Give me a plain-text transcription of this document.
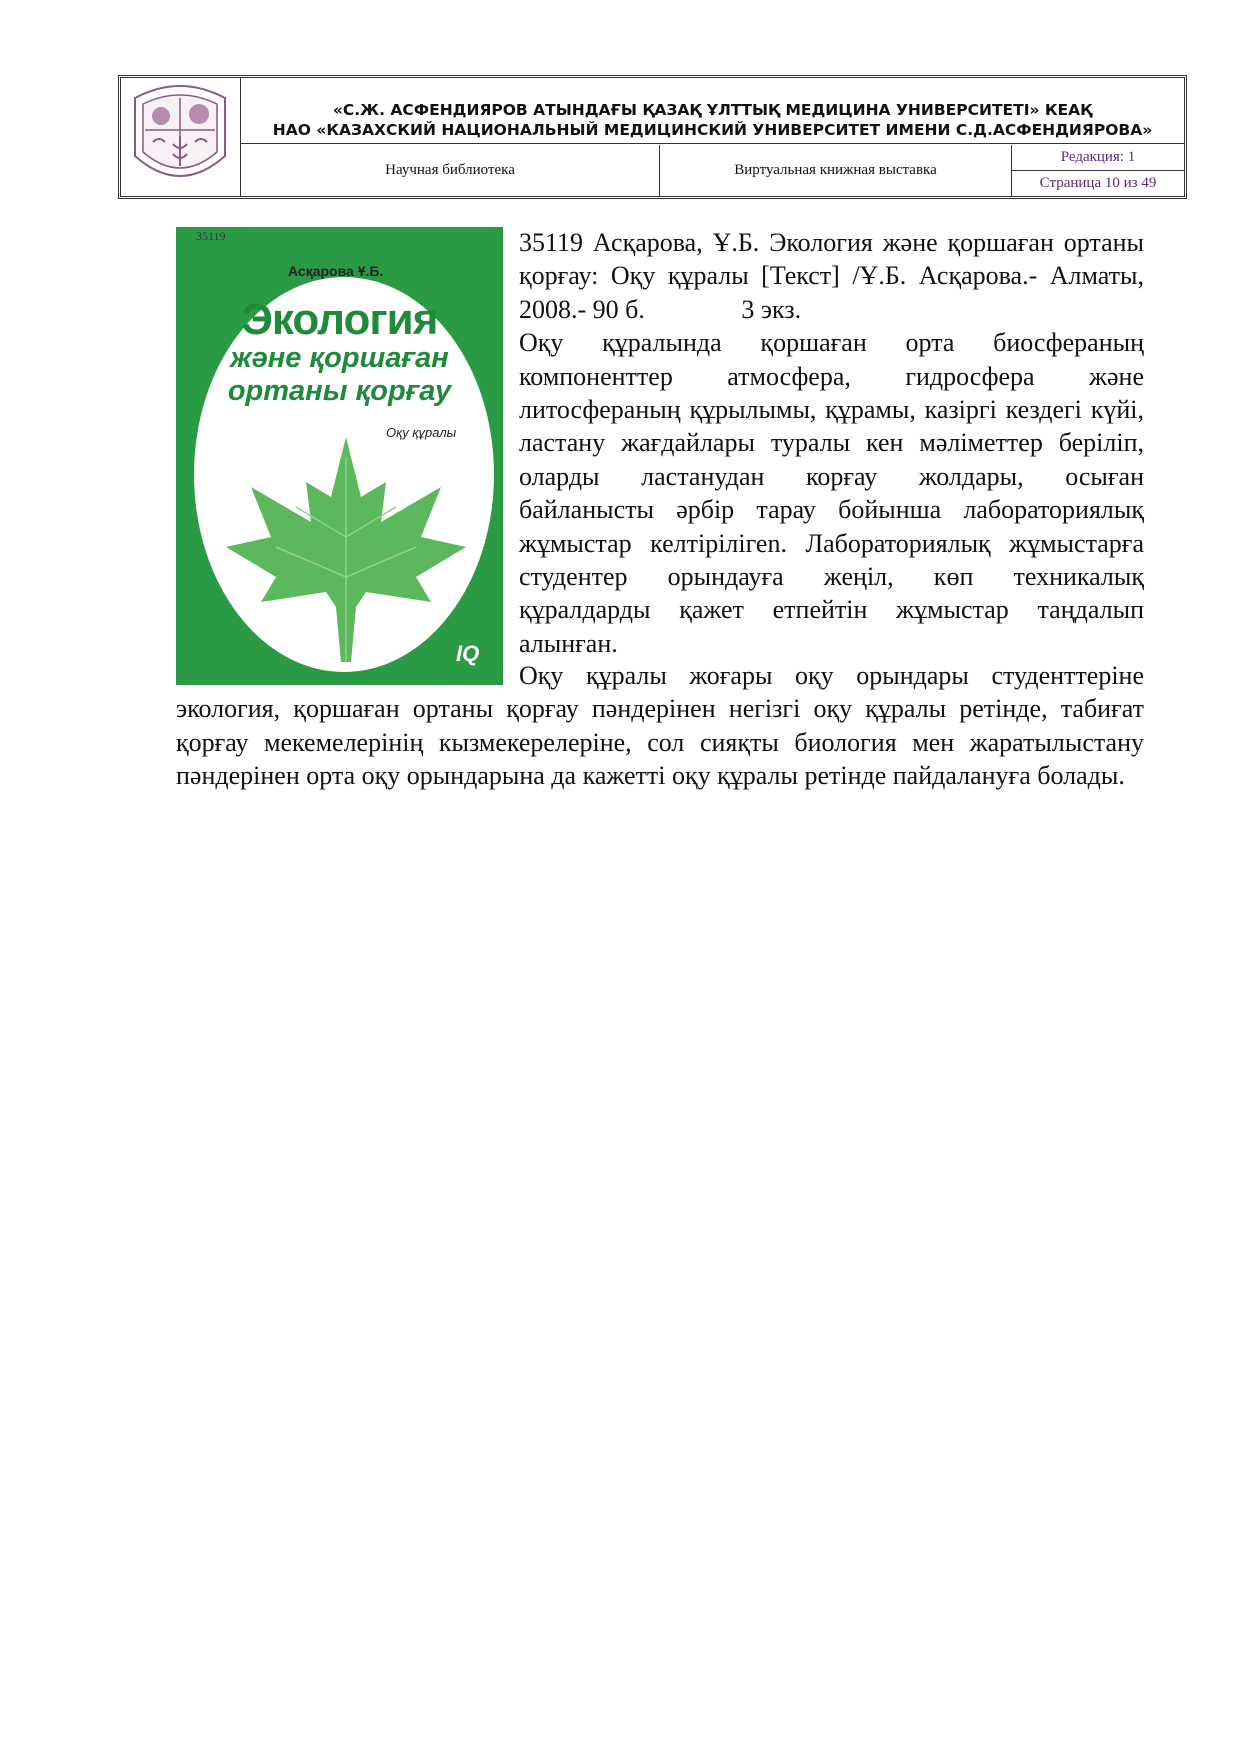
«С.Ж. АСФЕНДИЯРОВ АТЫНДАҒЫ ҚАЗАҚ ҰЛТТЫҚ МЕДИЦИНА УНИВЕРСИТЕТІ» КЕАҚ
НАО «КАЗАХСКИЙ НАЦИОНАЛЬНЫЙ МЕДИЦИНСКИЙ УНИВЕРСИТЕТ ИМЕНИ С.Д.АСФЕНДИЯРОВА»
Научная библиотека	Виртуальная книжная выставка
Редакция: 1
Страница 10 из 49
35119
Асқарова Ұ.Б.
Экология
және қоршаған
ортаны қорғау
Оқу құралы
IQ
35119 Асқарова, Ұ.Б. Экология және қоршаған ортаны қорғау: Оқу құралы [Текст] /Ұ.Б. Асқарова.- Алматы, 2008.- 90 б.	3 экз.
Оқу құралында қоршаған орта биосфераның компоненттер атмосфера, гидросфера және литосфераның құрылымы, құрамы, казіргі кездегі күйі, ластану жағдайлары туралы кен мәліметтер беріліп, оларды ластанудан корғау жолдары, осыған байланысты әрбір тарау бойынша лабораториялық жұмыстар келтірілігеn. Лабораториялық жұмыстарға студентер орындауға жеңіл, көп техникалық құралдарды қажет етпейтін жұмыстар таңдалып алынған.
Оқу құралы жоғары оқу орындары студенттеріне экология, қоршаған ортаны қорғау пәндерінен негізгі оқу құралы ретінде, табиғат қорғау мекемелерінің кызмекерелеріне, сол сияқты биология мен жаратылыстану пәндерінен орта оқу орындарына да кажетті оқу құралы ретінде пайдалануға болады.
